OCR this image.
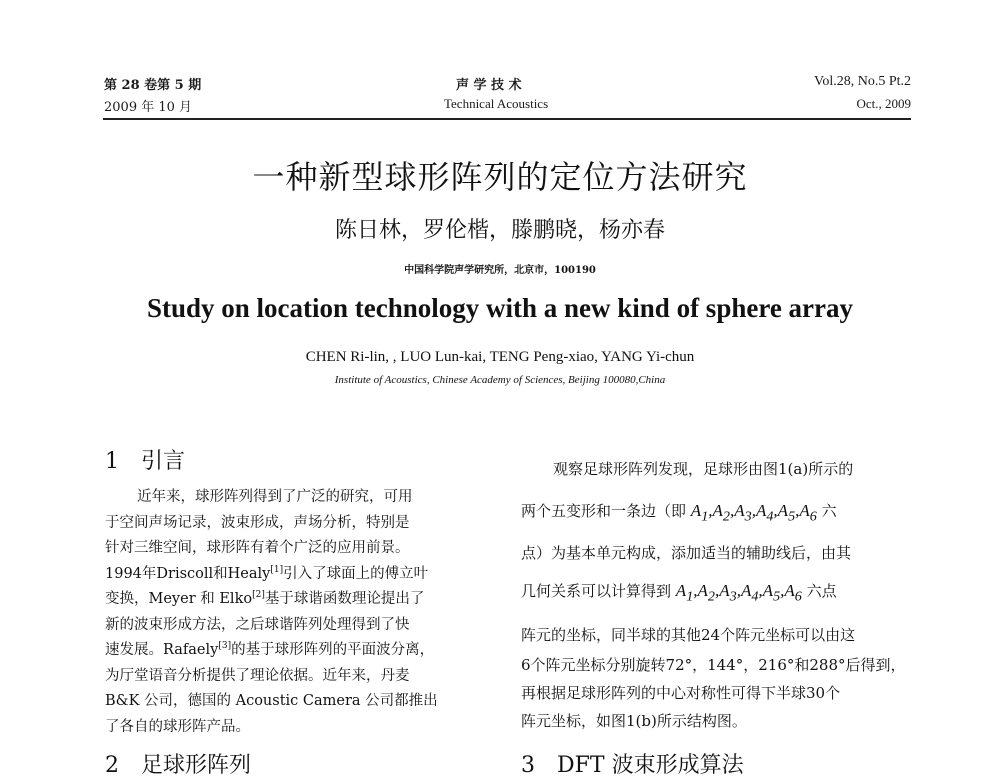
第 28 卷第 5 期
2009 年 10 月
声 学 技 术
Technical Acoustics
Vol.28, No.5 Pt.2
Oct., 2009
一种新型球形阵列的定位方法研究
陈日林，罗伦楷，滕鹏晓，杨亦春
中国科学院声学研究所，北京市，100190
Study on location technology with a new kind of sphere array
CHEN Ri-lin, , LUO Lun-kai, TENG Peng-xiao, YANG Yi-chun
Institute of Acoustics, Chinese Academy of Sciences, Beijing 100080,China
1　引言
近年来，球形阵列得到了广泛的研究，可用
于空间声场记录，波束形成，声场分析，特别是
针对三维空间，球形阵有着个广泛的应用前景。
1994年Driscoll和Healy[1]引入了球面上的傅立叶
变换，Meyer 和 Elko[2]基于球谐函数理论提出了
新的波束形成方法，之后球谐阵列处理得到了快
速发展。Rafaely[3]的基于球形阵列的平面波分离，
为厅堂语音分析提供了理论依据。近年来，丹麦
B&K 公司，德国的 Acoustic Camera 公司都推出
了各自的球形阵产品。
2　足球形阵列
观察足球形阵列发现，足球形由图1(a)所示的
两个五变形和一条边（即 $A_1,A_2,A_3,A_4,A_5,A_6$ 六
点）为基本单元构成，添加适当的辅助线后，由其
几何关系可以计算得到 $A_1,A_2,A_3,A_4,A_5,A_6$ 六点
阵元的坐标，同半球的其他24个阵元坐标可以由这
6个阵元坐标分别旋转72°，144°，216°和288°后得到，
再根据足球形阵列的中心对称性可得下半球30个
阵元坐标，如图1(b)所示结构图。
3　DFT 波束形成算法
